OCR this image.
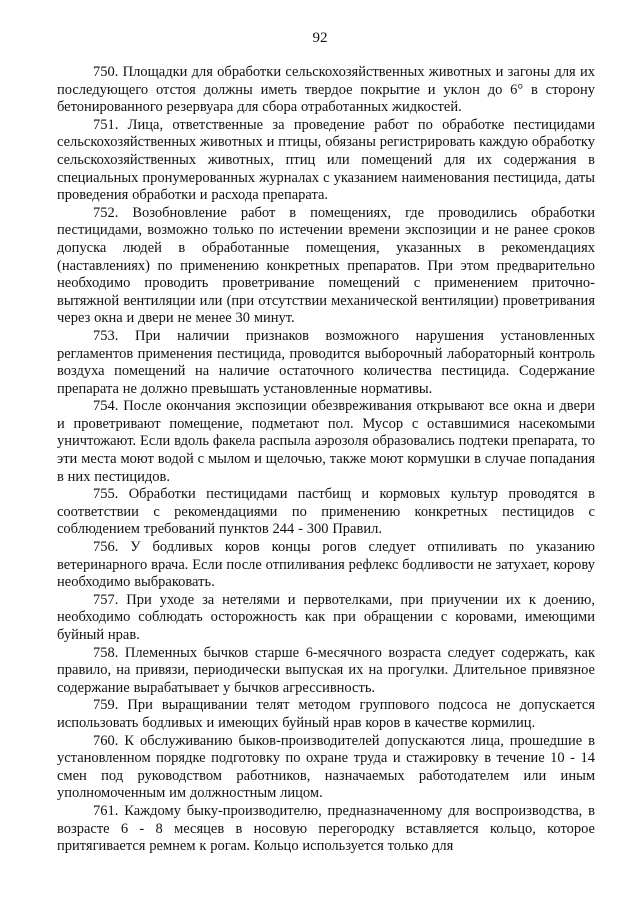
92

750. Площадки для обработки сельскохозяйственных животных и загоны для их последующего отстоя должны иметь твердое покрытие и уклон до 6° в сторону бетонированного резервуара для сбора отработанных жидкостей.

751. Лица, ответственные за проведение работ по обработке пестицидами сельскохозяйственных животных и птицы, обязаны регистрировать каждую обработку сельскохозяйственных животных, птиц или помещений для их содержания в специальных пронумерованных журналах с указанием наименования пестицида, даты проведения обработки и расхода препарата.

752. Возобновление работ в помещениях, где проводились обработки пестицидами, возможно только по истечении времени экспозиции и не ранее сроков допуска людей в обработанные помещения, указанных в рекомендациях (наставлениях) по применению конкретных препаратов. При этом предварительно необходимо проводить проветривание помещений с применением приточно-вытяжной вентиляции или (при отсутствии механической вентиляции) проветривания через окна и двери не менее 30 минут.

753. При наличии признаков возможного нарушения установленных регламентов применения пестицида, проводится выборочный лабораторный контроль воздуха помещений на наличие остаточного количества пестицида. Содержание препарата не должно превышать установленные нормативы.

754. После окончания экспозиции обезвреживания открывают все окна и двери и проветривают помещение, подметают пол. Мусор с оставшимися насекомыми уничтожают. Если вдоль факела распыла аэрозоля образовались подтеки препарата, то эти места моют водой с мылом и щелочью, также моют кормушки в случае попадания в них пестицидов.

755. Обработки пестицидами пастбищ и кормовых культур проводятся в соответствии с рекомендациями по применению конкретных пестицидов с соблюдением требований пунктов 244 - 300 Правил.

756. У бодливых коров концы рогов следует отпиливать по указанию ветеринарного врача. Если после отпиливания рефлекс бодливости не затухает, корову необходимо выбраковать.

757. При уходе за нетелями и первотелками, при приучении их к доению, необходимо соблюдать осторожность как при обращении с коровами, имеющими буйный нрав.

758. Племенных бычков старше 6-месячного возраста следует содержать, как правило, на привязи, периодически выпуская их на прогулки. Длительное привязное содержание вырабатывает у бычков агрессивность.

759. При выращивании телят методом группового подсоса не допускается использовать бодливых и имеющих буйный нрав коров в качестве кормилиц.

760. К обслуживанию быков-производителей допускаются лица, прошедшие в установленном порядке подготовку по охране труда и стажировку в течение 10 - 14 смен под руководством работников, назначаемых работодателем или иным уполномоченным им должностным лицом.

761. Каждому быку-производителю, предназначенному для воспроизводства, в возрасте 6 - 8 месяцев в носовую перегородку вставляется кольцо, которое притягивается ремнем к рогам. Кольцо используется только для
